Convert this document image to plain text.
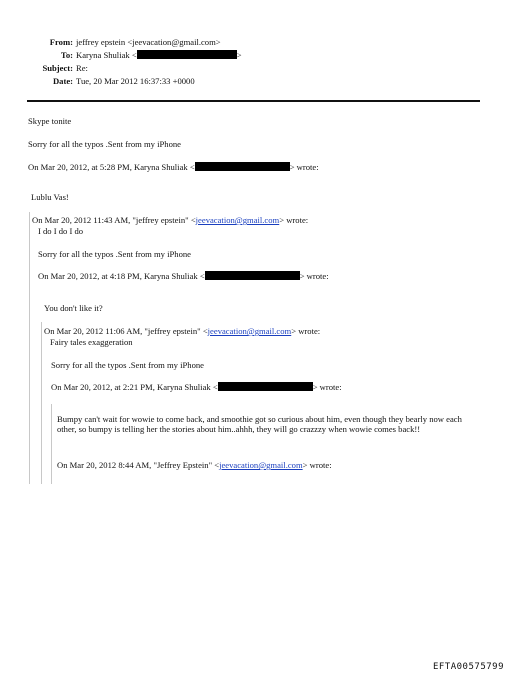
From: jeffrey epstein <jeevacation@gmail.com>
To: Karyna Shuliak <	>
Subject: Re:
Date: Tue, 20 Mar 2012 16:37:33 +0000
Skype tonite
Sorry for all the typos .Sent from my iPhone
On Mar 20, 2012, at 5:28 PM, Karyna Shuliak <	> wrote:
Lublu Vas!
On Mar 20, 2012 11:43 AM, "jeffrey epstein" <jeevacation@gmail.com> wrote:
I do I do I do
Sorry for all the typos .Sent from my iPhone
On Mar 20, 2012, at 4:18 PM, Karyna Shuliak <	> wrote:
You don't like it?
On Mar 20, 2012 11:06 AM, "jeffrey epstein" <jeevacation@gmail.com> wrote:
Fairy tales exaggeration
Sorry for all the typos .Sent from my iPhone
On Mar 20, 2012, at 2:21 PM, Karyna Shuliak <	> wrote:
Bumpy can't wait for wowie to come back, and smoothie got so curious about him, even though they bearly now each other, so bumpy is telling her the stories about him..ahhh, they will go crazzzy when wowie comes back!!
On Mar 20, 2012 8:44 AM, "Jeffrey Epstein" <jeevacation@gmail.com> wrote:
EFTA00575799
